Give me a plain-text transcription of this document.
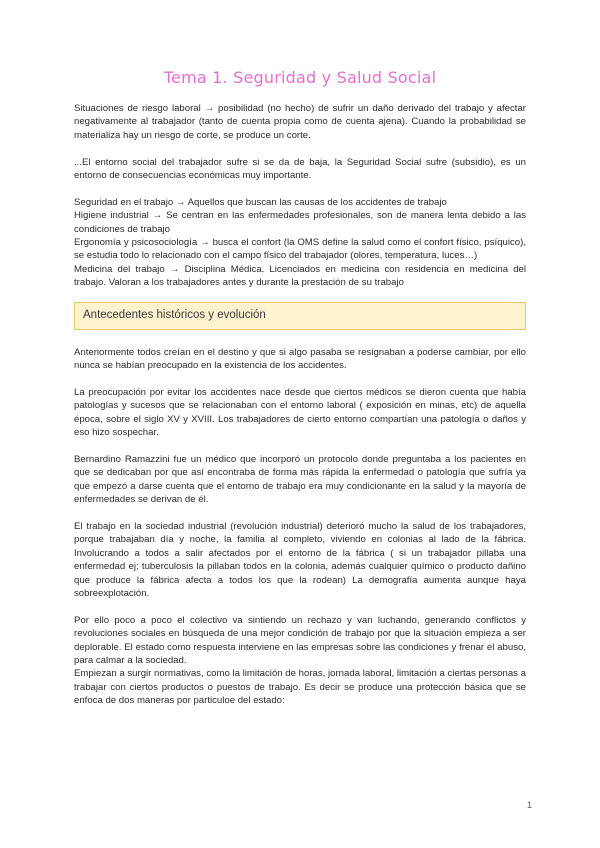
Tema 1. Seguridad y Salud Social

Situaciones de riesgo laboral → posibilidad (no hecho) de sufrir un daño derivado del trabajo y afectar negativamente al trabajador (tanto de cuenta propia como de cuenta ajena). Cuando la probabilidad se materializa hay un riesgo de corte, se produce un corte.

...El entorno social del trabajador sufre si se da de baja, la Seguridad Social sufre (subsidio), es un entorno de consecuencias económicas muy importante.

Seguridad en el trabajo → Aquellos que buscan las causas de los accidentes de trabajo

Higiene industrial → Se centran en las enfermedades profesionales, son de manera lenta debido a las condiciones de trabajo

Ergonomía y psicosociología → busca el confort (la OMS define la salud como el confort físico, psíquico), se estudia todo lo relacionado con el campo físico del trabajador (olores, temperatura, luces…)

Medicina del trabajo → Disciplina Médica. Licenciados en medicina con residencia en medicina del trabajo. Valoran a los trabajadores antes y durante la prestación de su trabajo

Antecedentes históricos y evolución

Anteriormente todos creían en el destino y que si algo pasaba se resignaban a poderse cambiar, por ello nunca se habían preocupado en la existencia de los accidentes.

La preocupación por evitar los accidentes nace desde que ciertos médicos se dieron cuenta que había patologías y sucesos que se relacionaban con el entorno laboral ( exposición en minas, etc) de aquella época, sobre el siglo XV y XVIII. Los trabajadores de cierto entorno compartían una patología o daños y eso hizo sospechar.

Bernardino Ramazzini fue un médico que incorporó un protocolo donde preguntaba a los pacientes en que se dedicaban por que así encontraba de forma más rápida la enfermedad o patología que sufría ya que empezó a darse cuenta que el entorno de trabajo era muy condicionante en la salud y la mayoría de enfermedades se derivan de él.

El trabajo en la sociedad industrial (revolución industrial) deterioró mucho la salud de los trabajadores, porque trabajaban día y noche, la familia al completo, viviendo en colonias al lado de la fábrica. Involucrando a todos a salir afectados por el entorno de la fábrica ( si un trabajador pillaba una enfermedad ej; tuberculosis la pillaban todos en la colonia, además cualquier químico o producto dañino que produce la fábrica afecta a todos los que la rodean) La demografía aumenta aunque haya sobreexplotación.

Por ello poco a poco el colectivo va sintiendo un rechazo y van luchando, generando conflictos y revoluciones sociales en búsqueda de una mejor condición de trabajo por que la situación empieza a ser deplorable. El estado como respuesta interviene en las empresas sobre las condiciones y frenar el abuso, para calmar a la sociedad.

Empiezan a surgir normativas, como la limitación de horas, jornada laboral, limitación a ciertas personas a trabajar con ciertos productos o puestos de trabajo. Es decir se produce una protección básica que se enfoca de dos maneras por particuloe del estado:

1
